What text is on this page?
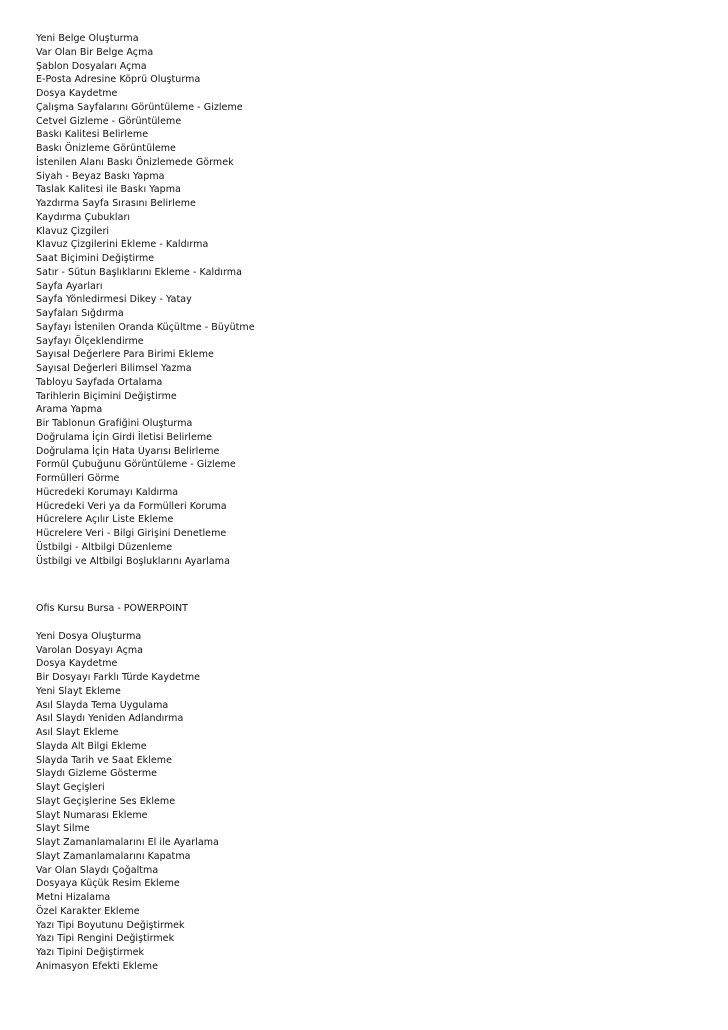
Yeni Belge Oluşturma
Var Olan Bir Belge Açma
Şablon Dosyaları Açma
E-Posta Adresine Köprü Oluşturma
Dosya Kaydetme
Çalışma Sayfalarını Görüntüleme - Gizleme
Cetvel Gizleme - Görüntüleme
Baskı Kalitesi Belirleme
Baskı Önizleme Görüntüleme
İstenilen Alanı Baskı Önizlemede Görmek
Siyah - Beyaz Baskı Yapma
Taslak Kalitesi ile Baskı Yapma
Yazdırma Sayfa Sırasını Belirleme
Kaydırma Çubukları
Klavuz Çizgileri
Klavuz Çizgilerini Ekleme - Kaldırma
Saat Biçimini Değiştirme
Satır - Sütun Başlıklarını Ekleme - Kaldırma
Sayfa Ayarları
Sayfa Yönledirmesi Dikey - Yatay
Sayfaları Sığdırma
Sayfayı İstenilen Oranda Küçültme - Büyütme
Sayfayı Ölçeklendirme
Sayısal Değerlere Para Birimi Ekleme
Sayısal Değerleri Bilimsel Yazma
Tabloyu Sayfada Ortalama
Tarihlerin Biçimini Değiştirme
Arama Yapma
Bir Tablonun Grafiğini Oluşturma
Doğrulama İçin Girdi İletisi Belirleme
Doğrulama İçin Hata Uyarısı Belirleme
Formül Çubuğunu Görüntüleme - Gizleme
Formülleri Görme
Hücredeki Korumayı Kaldırma
Hücredeki Veri ya da Formülleri Koruma
Hücrelere Açılır Liste Ekleme
Hücrelere Veri - Bilgi Girişini Denetleme
Üstbilgi - Altbilgi Düzenleme
Üstbilgi ve Altbilgi Boşluklarını Ayarlama
Ofis Kursu Bursa - POWERPOINT
Yeni Dosya Oluşturma
Varolan Dosyayı Açma
Dosya Kaydetme
Bir Dosyayı Farklı Türde Kaydetme
Yeni Slayt Ekleme
Asıl Slayda Tema Uygulama
Asıl Slaydı Yeniden Adlandırma
Asıl Slayt Ekleme
Slayda Alt Bilgi Ekleme
Slayda Tarih ve Saat Ekleme
Slaydı Gizleme Gösterme
Slayt Geçişleri
Slayt Geçişlerine Ses Ekleme
Slayt Numarası Ekleme
Slayt Silme
Slayt Zamanlamalarını El ile Ayarlama
Slayt Zamanlamalarını Kapatma
Var Olan Slaydı Çoğaltma
Dosyaya Küçük Resim Ekleme
Metni Hizalama
Özel Karakter Ekleme
Yazı Tipi Boyutunu Değiştirmek
Yazı Tipi Rengini Değiştirmek
Yazı Tipini Değiştirmek
Animasyon Efekti Ekleme
